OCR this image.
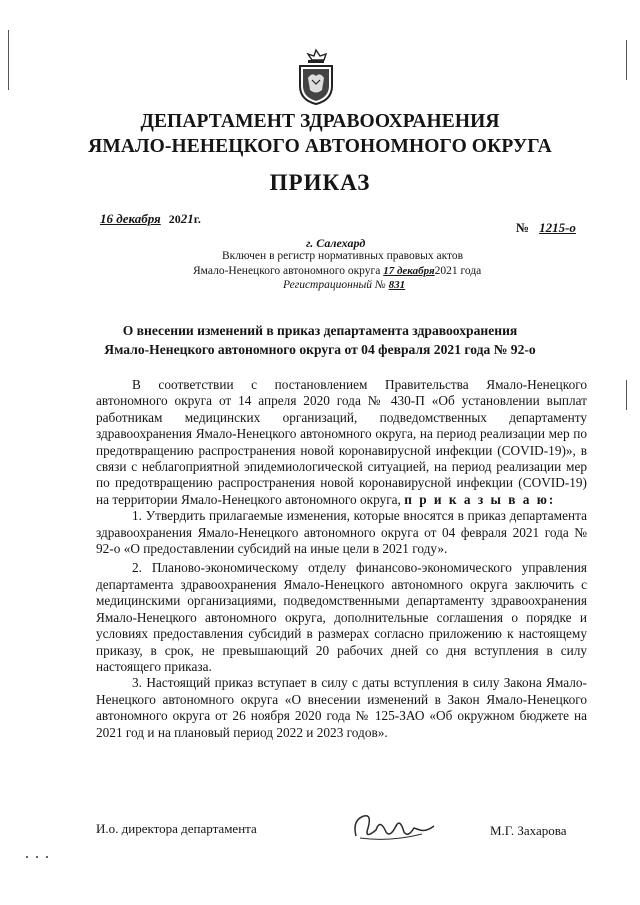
ДЕПАРТАМЕНТ ЗДРАВООХРАНЕНИЯ
ЯМАЛО-НЕНЕЦКОГО АВТОНОМНОГО ОКРУГА
ПРИКАЗ
16 декабря 2021г.
№ 1215-о
г. Салехард
Включен в регистр нормативных правовых актов
Ямало-Ненецкого автономного округа 17 декабря2021 года
Регистрационный № 831
О внесении изменений в приказ департамента здравоохранения
Ямало-Ненецкого автономного округа от 04 февраля 2021 года № 92-о

В соответствии с постановлением Правительства Ямало-Ненецкого автономного округа от 14 апреля 2020 года № 430-П «Об установлении выплат работникам медицинских организаций, подведомственных департаменту здравоохранения Ямало-Ненецкого автономного округа, на период реализации мер по предотвращению распространения новой коронавирусной инфекции (COVID-19)», в связи с неблагоприятной эпидемиологической ситуацией, на период реализации мер по предотвращению распространения новой коронавирусной инфекции (COVID-19) на территории Ямало-Ненецкого автономного округа, п р и к а з ы в а ю:

1. Утвердить прилагаемые изменения, которые вносятся в приказ департамента здравоохранения Ямало-Ненецкого автономного округа от 04 февраля 2021 года № 92-о «О предоставлении субсидий на иные цели в 2021 году».

2. Планово-экономическому отделу финансово-экономического управления департамента здравоохранения Ямало-Ненецкого автономного округа заключить с медицинскими организациями, подведомственными департаменту здравоохранения Ямало-Ненецкого автономного округа, дополнительные соглашения о порядке и условиях предоставления субсидий в размерах согласно приложению к настоящему приказу, в срок, не превышающий 20 рабочих дней со дня вступления в силу настоящего приказа.

3. Настоящий приказ вступает в силу с даты вступления в силу Закона Ямало-Ненецкого автономного округа «О внесении изменений в Закон Ямало-Ненецкого автономного округа от 26 ноября 2020 года № 125-ЗАО «Об окружном бюджете на 2021 год и на плановый период 2022 и 2023 годов».

И.о. директора департамента	М.Г. Захарова
